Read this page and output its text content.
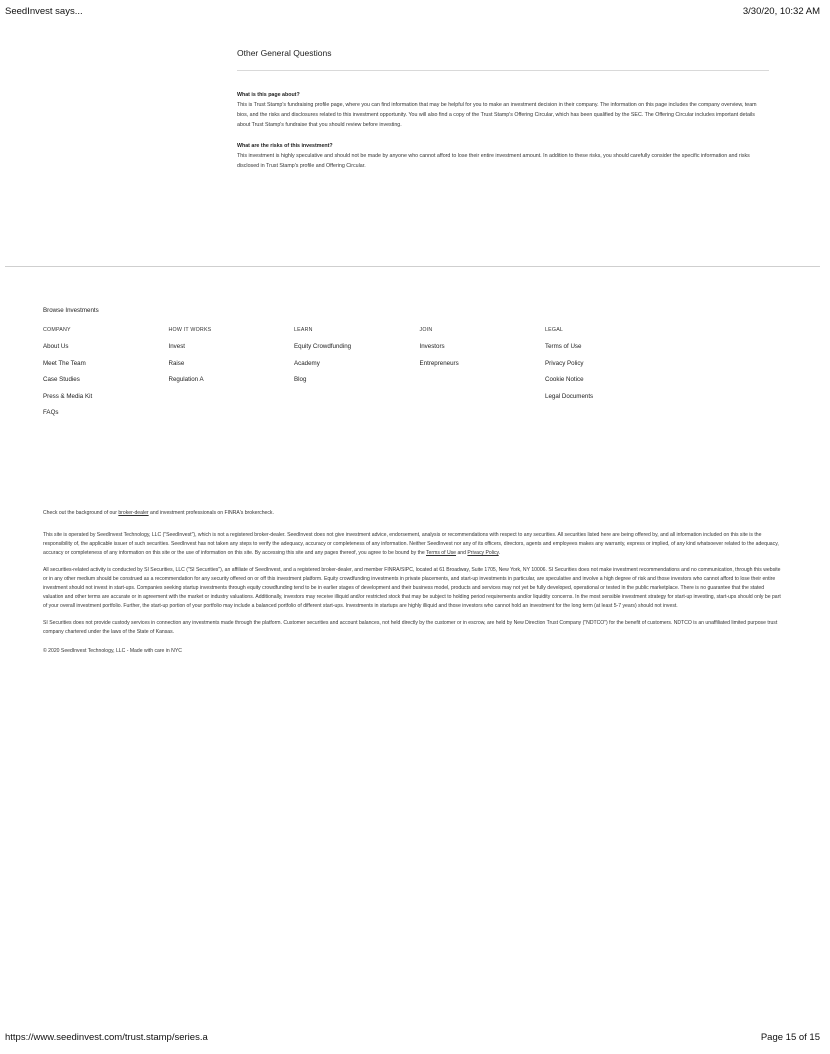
SeedInvest says...	3/30/20, 10:32 AM
Other General Questions
What is this page about?

This is Trust Stamp's fundraising profile page, where you can find information that may be helpful for you to make an investment decision in their company. The information on this page includes the company overview, team bios, and the risks and disclosures related to this investment opportunity. You will also find a copy of the Trust Stamp's Offering Circular, which has been qualified by the SEC. The Offering Circular includes important details about Trust Stamp's fundraise that you should review before investing.

What are the risks of this investment?

This investment is highly speculative and should not be made by anyone who cannot afford to lose their entire investment amount. In addition to these risks, you should carefully consider the specific information and risks disclosed in Trust Stamp's profile and Offering Circular.

Browse Investments
COMPANY
About Us
Meet The Team
Case Studies
Press & Media Kit
FAQs
HOW IT WORKS
Invest
Raise
Regulation A
LEARN
Equity Crowdfunding
Academy
Blog
JOIN
Investors
Entrepreneurs
LEGAL
Terms of Use
Privacy Policy
Cookie Notice
Legal Documents

Check out the background of our broker-dealer and investment professionals on FINRA's brokercheck.

This site is operated by SeedInvest Technology, LLC ("SeedInvest"), which is not a registered broker-dealer. SeedInvest does not give investment advice, endorsement, analysis or recommendations with respect to any securities. All securities listed here are being offered by, and all information included on this site is the responsibility of, the applicable issuer of such securities. SeedInvest has not taken any steps to verify the adequacy, accuracy or completeness of any information. Neither SeedInvest nor any of its officers, directors, agents and employees makes any warranty, express or implied, of any kind whatsoever related to the adequacy, accuracy or completeness of any information on this site or the use of information on this site. By accessing this site and any pages thereof, you agree to be bound by the Terms of Use and Privacy Policy.

All securities-related activity is conducted by SI Securities, LLC ("SI Securities"), an affiliate of SeedInvest, and a registered broker-dealer, and member FINRA/SIPC, located at 61 Broadway, Suite 1705, New York, NY 10006. SI Securities does not make investment recommendations and no communication, through this website or in any other medium should be construed as a recommendation for any security offered on or off this investment platform. Equity crowdfunding investments in private placements, and start-up investments in particular, are speculative and involve a high degree of risk and those investors who cannot afford to lose their entire investment should not invest in start-ups. Companies seeking startup investments through equity crowdfunding tend to be in earlier stages of development and their business model, products and services may not yet be fully developed, operational or tested in the public marketplace. There is no guarantee that the stated valuation and other terms are accurate or in agreement with the market or industry valuations. Additionally, investors may receive illiquid and/or restricted stock that may be subject to holding period requirements and/or liquidity concerns. In the most sensible investment strategy for start-up investing, start-ups should only be part of your overall investment portfolio. Further, the start-up portion of your portfolio may include a balanced portfolio of different start-ups. Investments in startups are highly illiquid and those investors who cannot hold an investment for the long term (at least 5-7 years) should not invest.

SI Securities does not provide custody services in connection any investments made through the platform. Customer securities and account balances, not held directly by the customer or in escrow, are held by New Direction Trust Company ("NDTCO") for the benefit of customers. NDTCO is an unaffiliated limited purpose trust company chartered under the laws of the State of Kansas.

© 2020 SeedInvest Technology, LLC - Made with care in NYC

https://www.seedinvest.com/trust.stamp/series.a	Page 15 of 15
